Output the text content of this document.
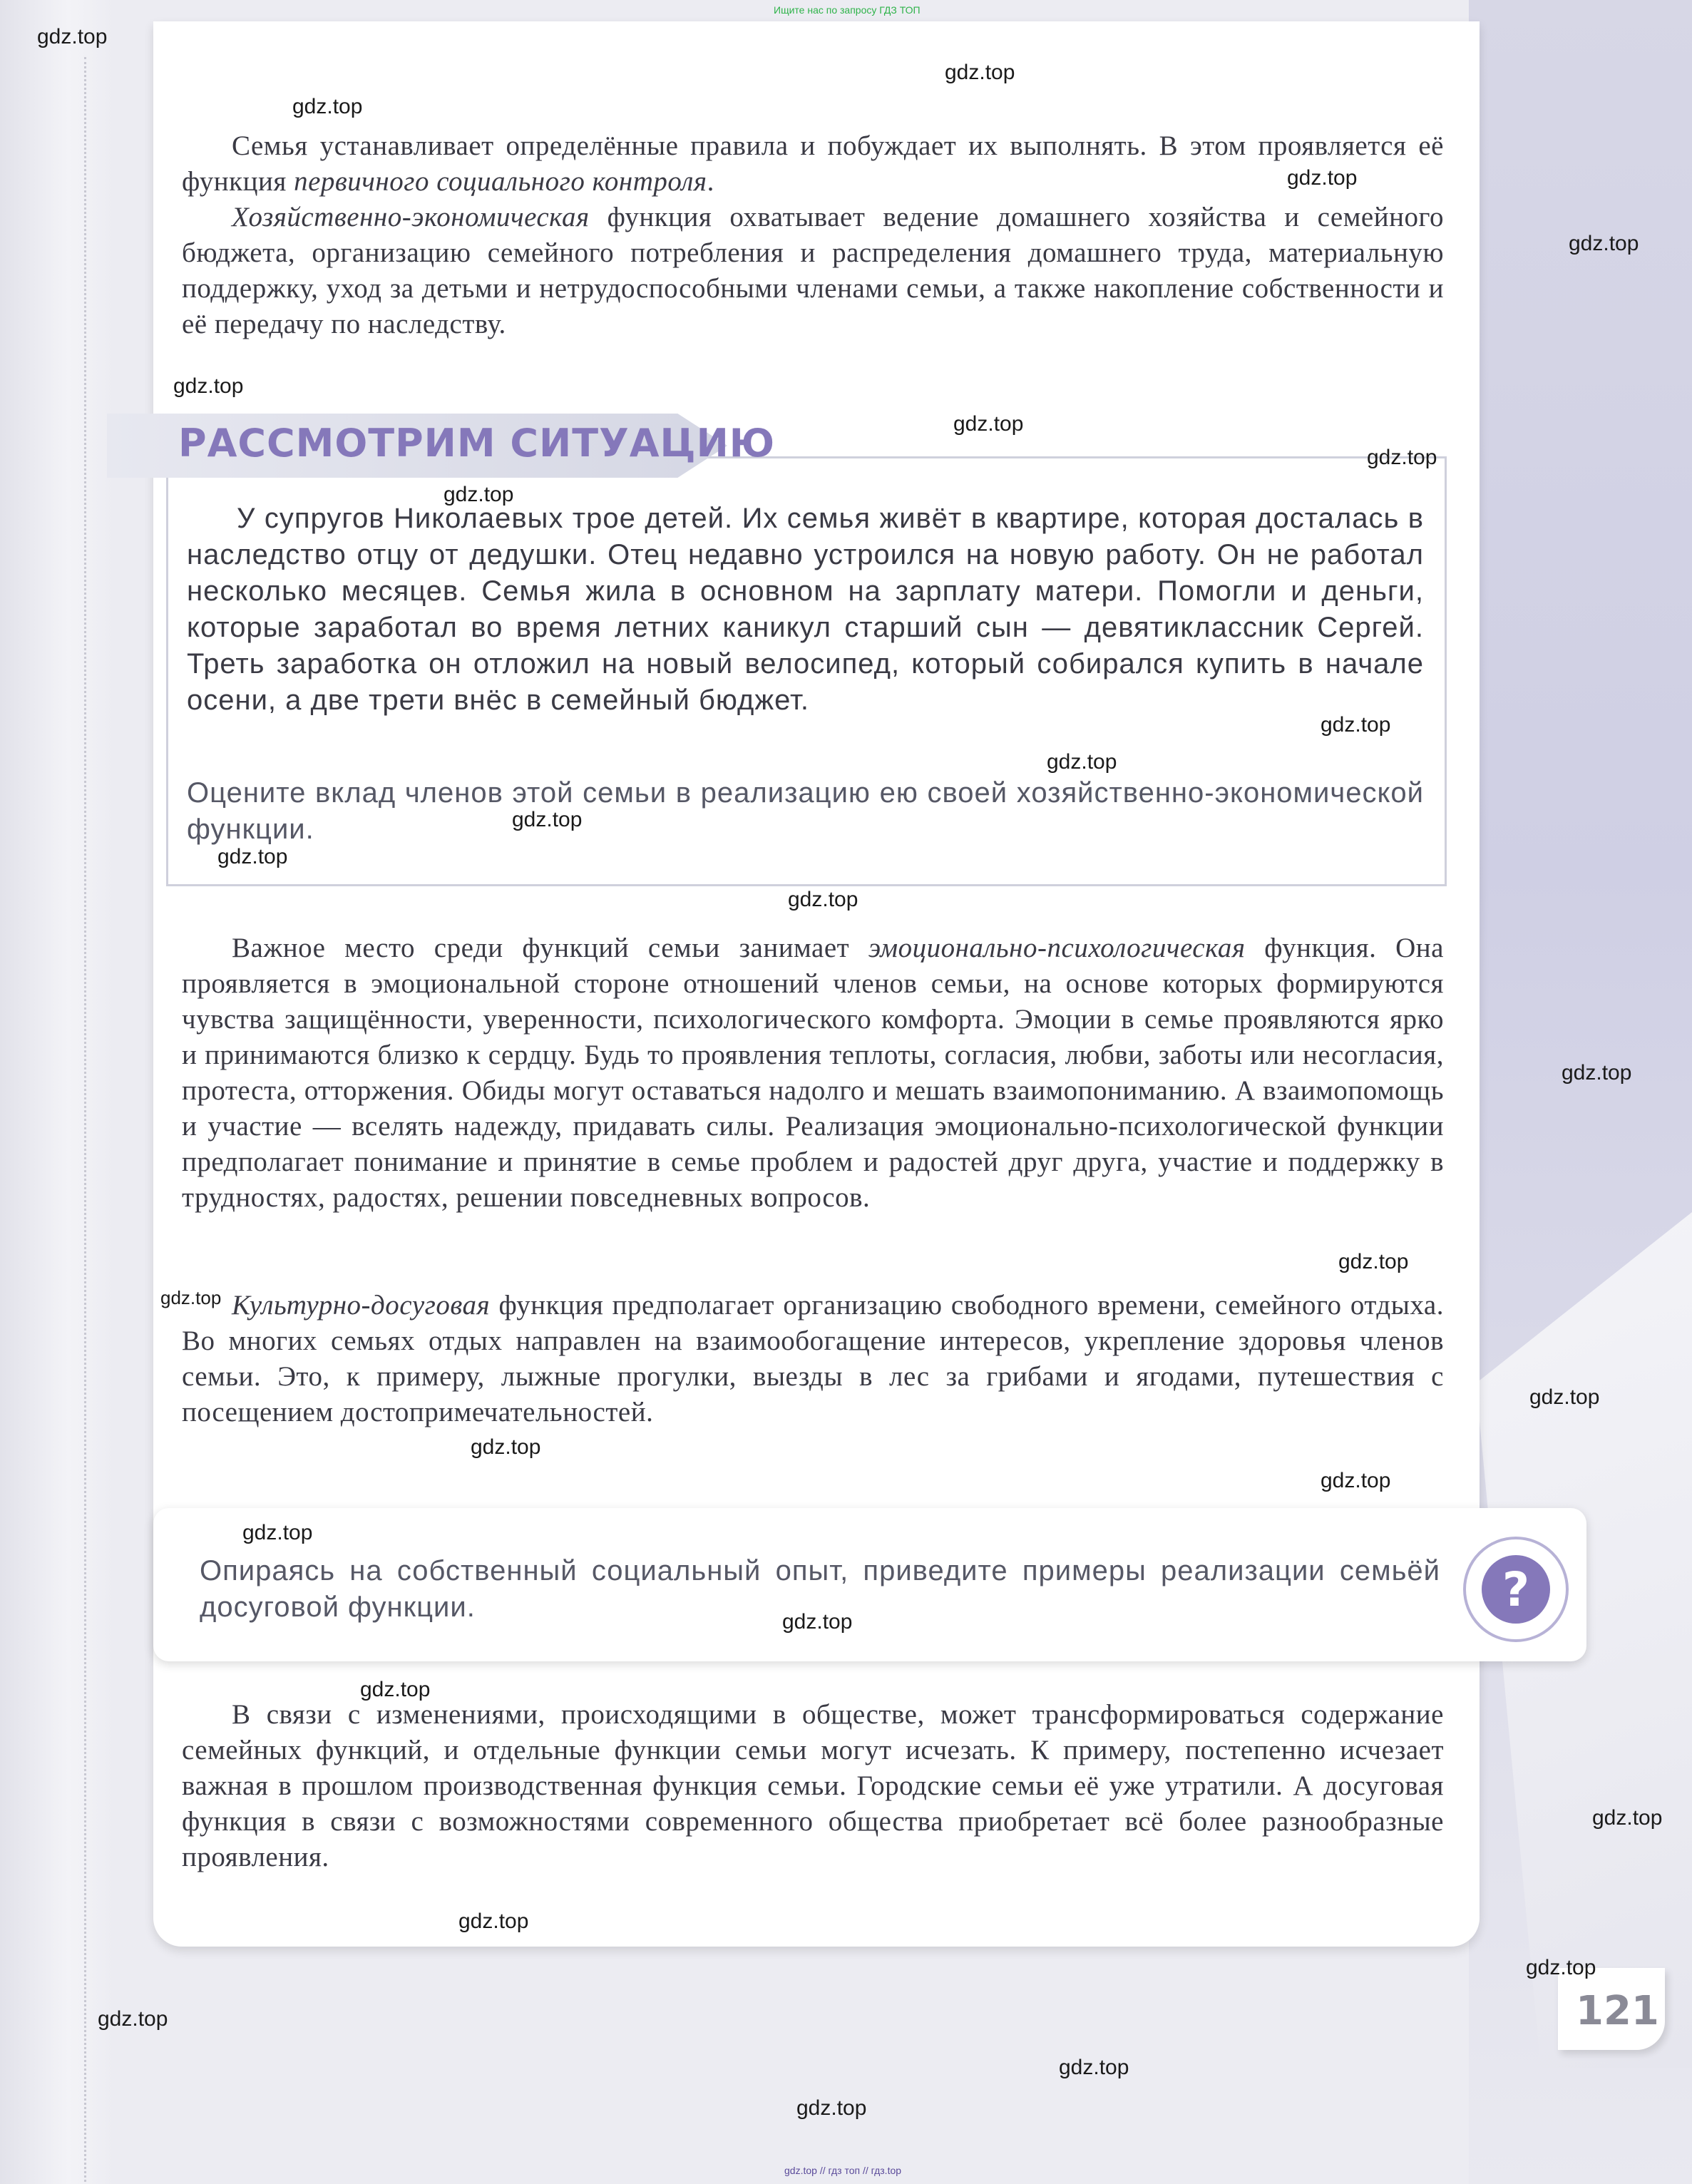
Ищите нас по запросу ГДЗ ТОП
Семья устанавливает определённые правила и побуждает их выполнять. В этом проявляется её функция первичного социального контроля.
Хозяйственно-экономическая функция охватывает ведение домашнего хозяйства и семейного бюджета, организацию семейного потребления и распределения домашнего труда, материальную поддержку, уход за детьми и нетрудоспособными членами семьи, а также накопление собственности и её передачу по наследству.
РАССМОТРИМ СИТУАЦИЮ
У супругов Николаевых трое детей. Их семья живёт в квартире, которая досталась в наследство отцу от дедушки. Отец недавно устроился на новую работу. Он не работал несколько месяцев. Семья жила в основном на зарплату матери. Помогли и деньги, которые заработал во время летних каникул старший сын — девятиклассник Сергей. Треть заработка он отложил на новый велосипед, который собирался купить в начале осени, а две трети внёс в семейный бюджет.
Оцените вклад членов этой семьи в реализацию ею своей хозяйственно-экономической функции.
Важное место среди функций семьи занимает эмоционально-психологическая функция. Она проявляется в эмоциональной стороне отношений членов семьи, на основе которых формируются чувства защищённости, уверенности, психологического комфорта. Эмоции в семье проявляются ярко и принимаются близко к сердцу. Будь то проявления теплоты, согласия, любви, заботы или несогласия, протеста, отторжения. Обиды могут оставаться надолго и мешать взаимопониманию. А взаимопомощь и участие — вселять надежду, придавать силы. Реализация эмоционально-психологической функции предполагает понимание и принятие в семье проблем и радостей друг друга, участие и поддержку в трудностях, радостях, решении повседневных вопросов.
Культурно-досуговая функция предполагает организацию свободного времени, семейного отдыха. Во многих семьях отдых направлен на взаимообогащение интересов, укрепление здоровья членов семьи. Это, к примеру, лыжные прогулки, выезды в лес за грибами и ягодами, путешествия с посещением достопримечательностей.
Опираясь на собственный социальный опыт, приведите примеры реализации семьёй досуговой функции.	?
В связи с изменениями, происходящими в обществе, может трансформироваться содержание семейных функций, и отдельные функции семьи могут исчезать. К примеру, постепенно исчезает важная в прошлом производственная функция семьи. Городские семьи её уже утратили. А досуговая функция в связи с возможностями современного общества приобретает всё более разнообразные проявления.
121
gdz.top
gdz.top
gdz.top
gdz.top
gdz.top
gdz.top
gdz.top
gdz.top
gdz.top
gdz.top
gdz.top
gdz.top
gdz.top
gdz.top
gdz.top
gdz.top
gdz.top
gdz.top
gdz.top
gdz.top
gdz.top
gdz.top
gdz.top
gdz.top
gdz.top
gdz.top
gdz.top
gdz.top
gdz.top
gdz.top // гдз топ // гдз.top
